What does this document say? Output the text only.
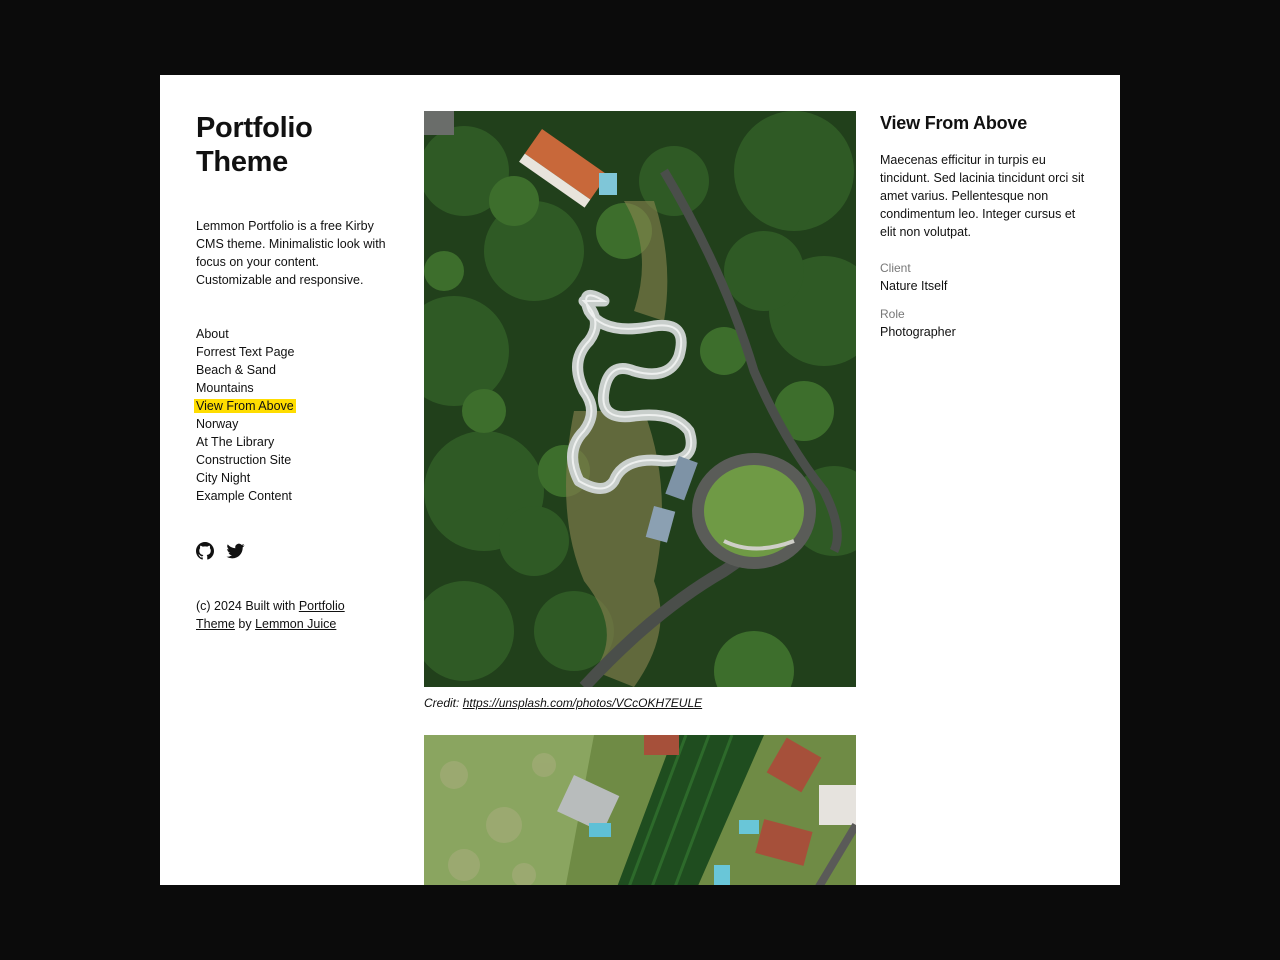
Portfolio
Theme

Lemmon Portfolio is a free Kirby CMS theme. Minimalistic look with focus on your content. Customizable and responsive.

About
Forrest Text Page
Beach & Sand
Mountains
View From Above
Norway
At The Library
Construction Site
City Night
Example Content
(c) 2024 Built with Portfolio Theme by Lemmon Juice
Credit: https://unsplash.com/photos/VCcOKH7EULE
View From Above

Maecenas efficitur in turpis eu tincidunt. Sed lacinia tincidunt orci sit amet varius. Pellentesque non condimentum leo. Integer cursus et elit non volutpat.

Client
Nature Itself
Role
Photographer
